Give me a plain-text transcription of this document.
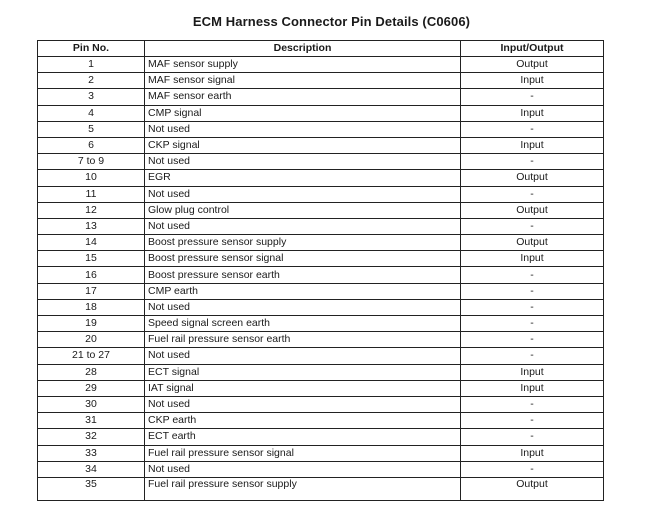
ECM Harness Connector Pin Details (C0606)
Pin No.	Description	Input/Output
1	MAF sensor supply	Output
2	MAF sensor signal	Input
3	MAF sensor earth	-
4	CMP signal	Input
5	Not used	-
6	CKP signal	Input
7 to 9	Not used	-
10	EGR	Output
11	Not used	-
12	Glow plug control	Output
13	Not used	-
14	Boost pressure sensor supply	Output
15	Boost pressure sensor signal	Input
16	Boost pressure sensor earth	-
17	CMP earth	-
18	Not used	-
19	Speed signal screen earth	-
20	Fuel rail pressure sensor earth	-
21 to 27	Not used	-
28	ECT signal	Input
29	IAT signal	Input
30	Not used	-
31	CKP earth	-
32	ECT earth	-
33	Fuel rail pressure sensor signal	Input
34	Not used	-
35	Fuel rail pressure sensor supply	Output
